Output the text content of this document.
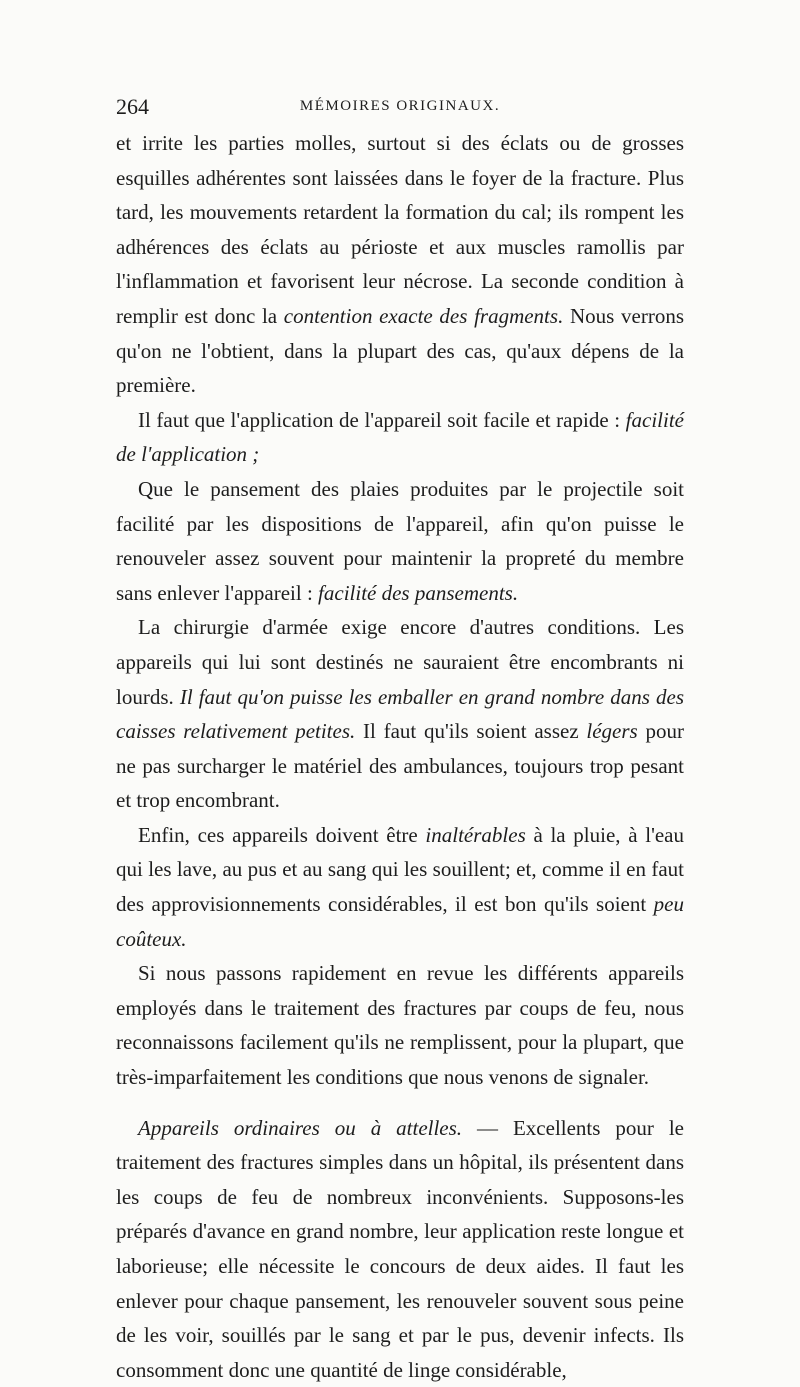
264	MÉMOIRES ORIGINAUX.

et irrite les parties molles, surtout si des éclats ou de grosses esquilles adhérentes sont laissées dans le foyer de la fracture. Plus tard, les mouvements retardent la formation du cal; ils rompent les adhérences des éclats au périoste et aux muscles ramollis par l'inflammation et favorisent leur nécrose. La seconde condition à remplir est donc la contention exacte des fragments. Nous verrons qu'on ne l'obtient, dans la plupart des cas, qu'aux dépens de la première.

Il faut que l'application de l'appareil soit facile et rapide : facilité de l'application ;

Que le pansement des plaies produites par le projectile soit facilité par les dispositions de l'appareil, afin qu'on puisse le renouveler assez souvent pour maintenir la propreté du membre sans enlever l'appareil : facilité des pansements.

La chirurgie d'armée exige encore d'autres conditions. Les appareils qui lui sont destinés ne sauraient être encombrants ni lourds. Il faut qu'on puisse les emballer en grand nombre dans des caisses relativement petites. Il faut qu'ils soient assez légers pour ne pas surcharger le matériel des ambulances, toujours trop pesant et trop encombrant.

Enfin, ces appareils doivent être inaltérables à la pluie, à l'eau qui les lave, au pus et au sang qui les souillent; et, comme il en faut des approvisionnements considérables, il est bon qu'ils soient peu coûteux.

Si nous passons rapidement en revue les différents appareils employés dans le traitement des fractures par coups de feu, nous reconnaissons facilement qu'ils ne remplissent, pour la plupart, que très-imparfaitement les conditions que nous venons de signaler.

Appareils ordinaires ou à attelles. — Excellents pour le traitement des fractures simples dans un hôpital, ils présentent dans les coups de feu de nombreux inconvénients. Supposons-les préparés d'avance en grand nombre, leur application reste longue et laborieuse; elle nécessite le concours de deux aides. Il faut les enlever pour chaque pansement, les renouveler souvent sous peine de les voir, souillés par le sang et par le pus, devenir infects. Ils consomment donc une quantité de linge considérable,
